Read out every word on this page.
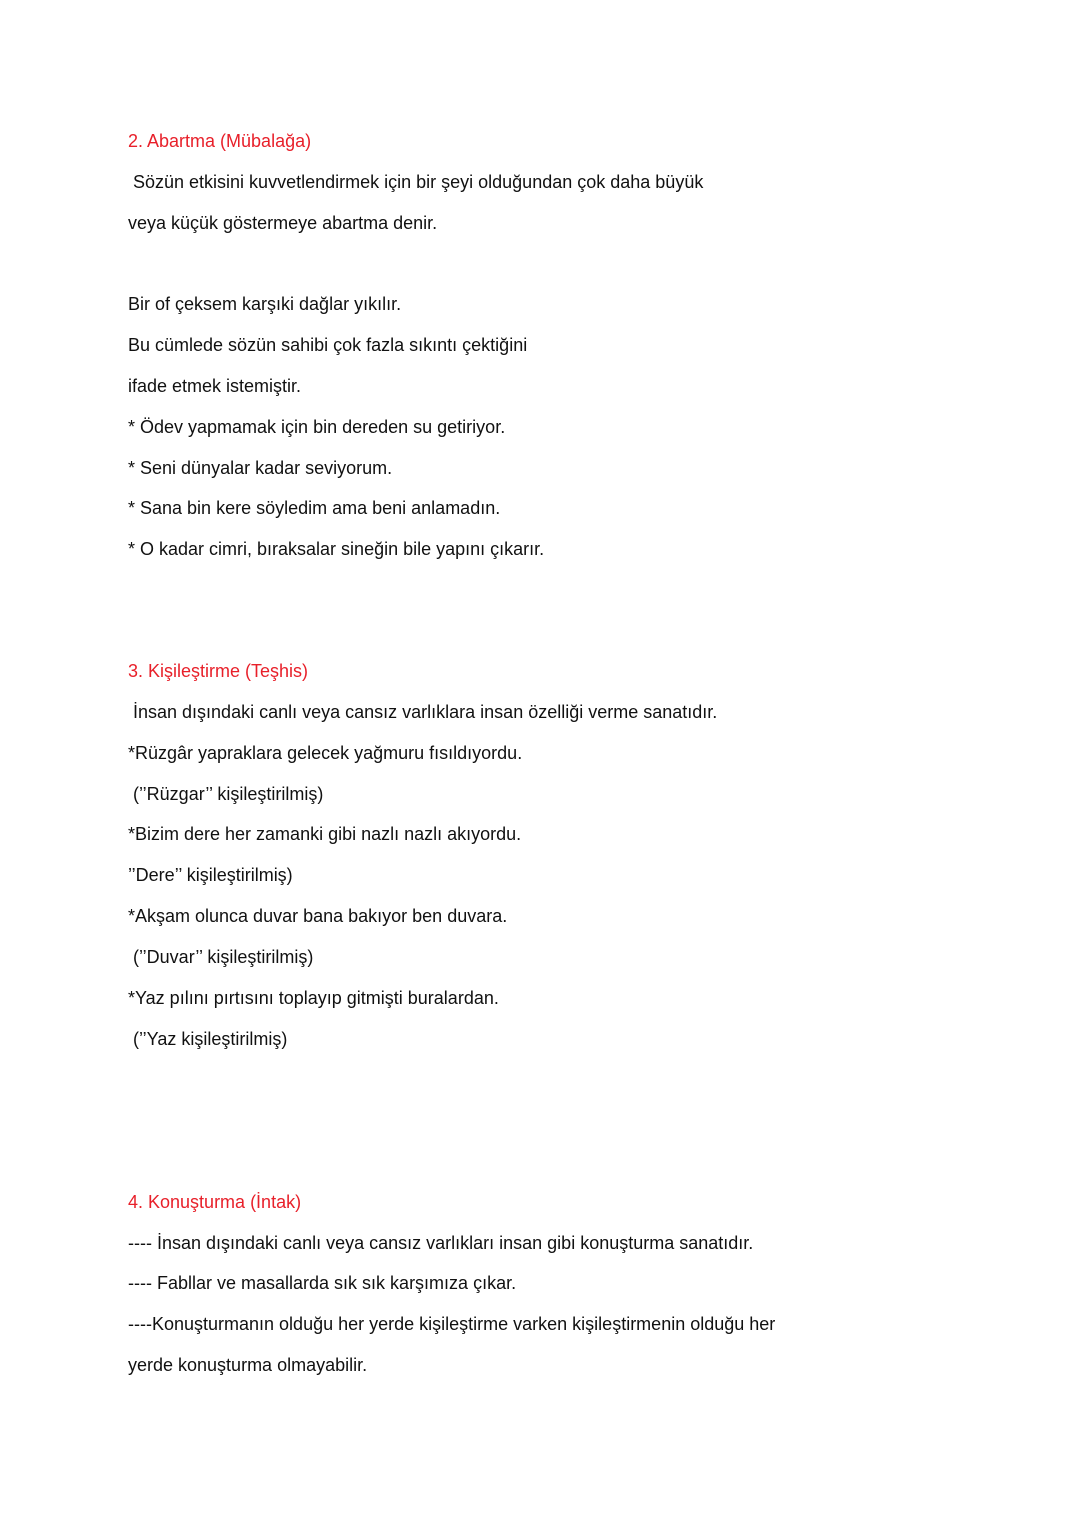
2. Abartma (Mübalağa)

Sözün etkisini kuvvetlendirmek için bir şeyi olduğundan çok daha büyük

veya küçük göstermeye abartma denir.

Bir of çeksem karşıki dağlar yıkılır.

Bu cümlede sözün sahibi çok fazla sıkıntı çektiğini

ifade etmek istemiştir.

* Ödev yapmamak için bin dereden su getiriyor.

* Seni dünyalar kadar seviyorum.

* Sana bin kere söyledim ama beni anlamadın.

* O kadar cimri, bıraksalar sineğin bile yapını çıkarır.

3. Kişileştirme (Teşhis)

İnsan dışındaki canlı veya cansız varlıklara insan özelliği verme sanatıdır.

*Rüzgâr yapraklara gelecek yağmuru fısıldıyordu.

(’’Rüzgar’’ kişileştirilmiş)

*Bizim dere her zamanki gibi nazlı nazlı akıyordu.

’’Dere’’ kişileştirilmiş)

*Akşam olunca duvar bana bakıyor ben duvara.

(’’Duvar’’ kişileştirilmiş)

*Yaz pılını pırtısını toplayıp gitmişti buralardan.

(’’Yaz kişileştirilmiş)

4. Konuşturma (İntak)

---- İnsan dışındaki canlı veya cansız varlıkları insan gibi konuşturma sanatıdır.

---- Fabllar ve masallarda sık sık karşımıza çıkar.

----Konuşturmanın olduğu her yerde kişileştirme varken kişileştirmenin olduğu her

yerde konuşturma olmayabilir.
